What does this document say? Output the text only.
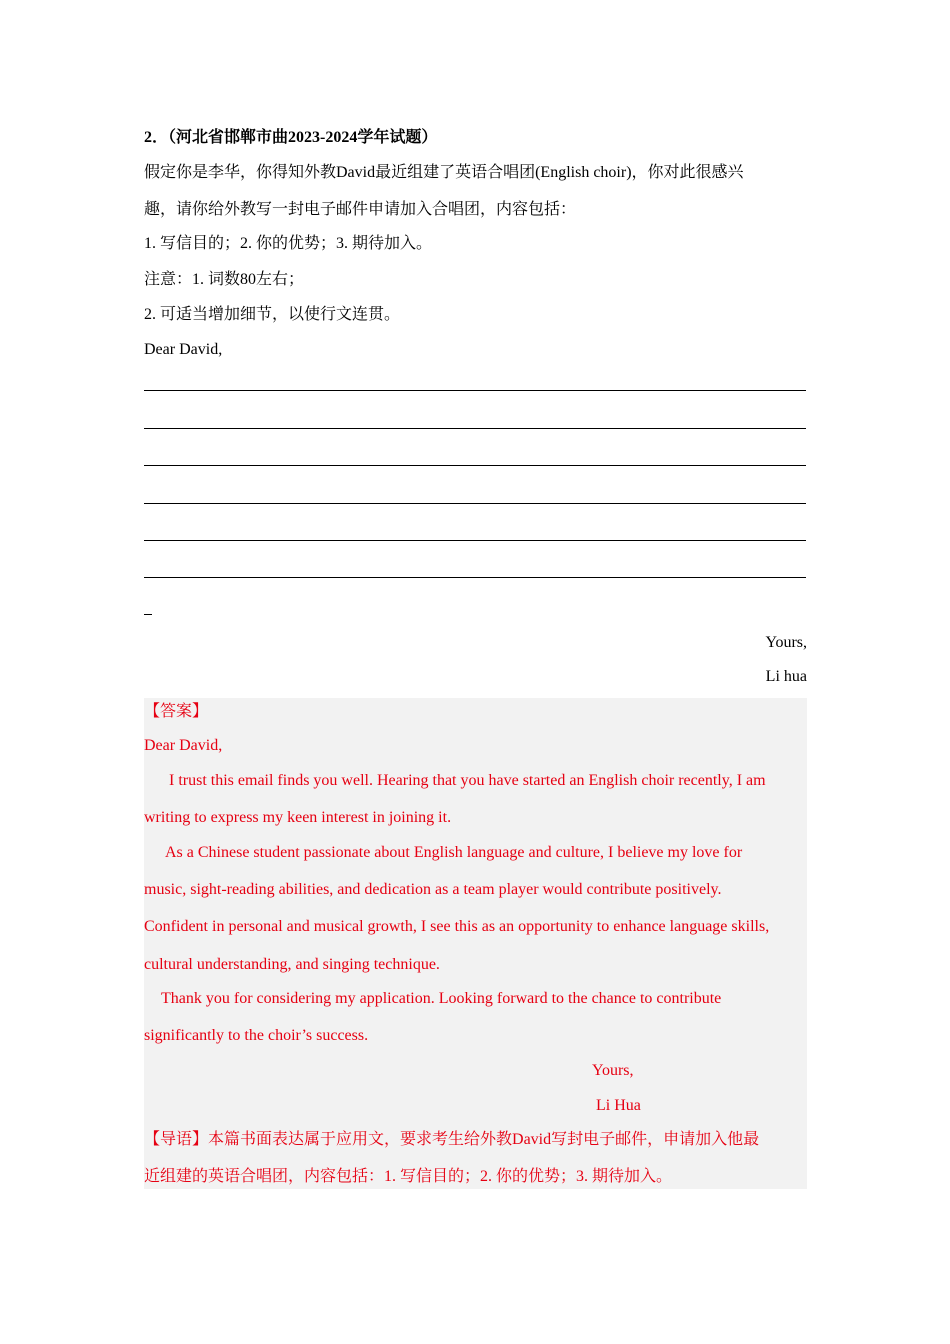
2．（河北省邯郸市曲2023-2024学年试题）
假定你是李华，你得知外教David最近组建了英语合唱团(English choir)，你对此很感兴
趣，请你给外教写一封电子邮件申请加入合唱团，内容包括：
1. 写信目的；2. 你的优势；3. 期待加入。
注意：1. 词数80左右；
2. 可适当增加细节，以使行文连贯。
Dear David,
Yours,
Li hua
【答案】
Dear David,
I trust this email finds you well. Hearing that you have started an English choir recently, I am
writing to express my keen interest in joining it.
As a Chinese student passionate about English language and culture, I believe my love for
music, sight-reading abilities, and dedication as a team player would contribute positively.
Confident in personal and musical growth, I see this as an opportunity to enhance language skills,
cultural understanding, and singing technique.
Thank you for considering my application. Looking forward to the chance to contribute
significantly to the choir’s success.
Yours,
Li Hua
【导语】本篇书面表达属于应用文，要求考生给外教David写封电子邮件，申请加入他最
近组建的英语合唱团，内容包括：1. 写信目的；2. 你的优势；3. 期待加入。
